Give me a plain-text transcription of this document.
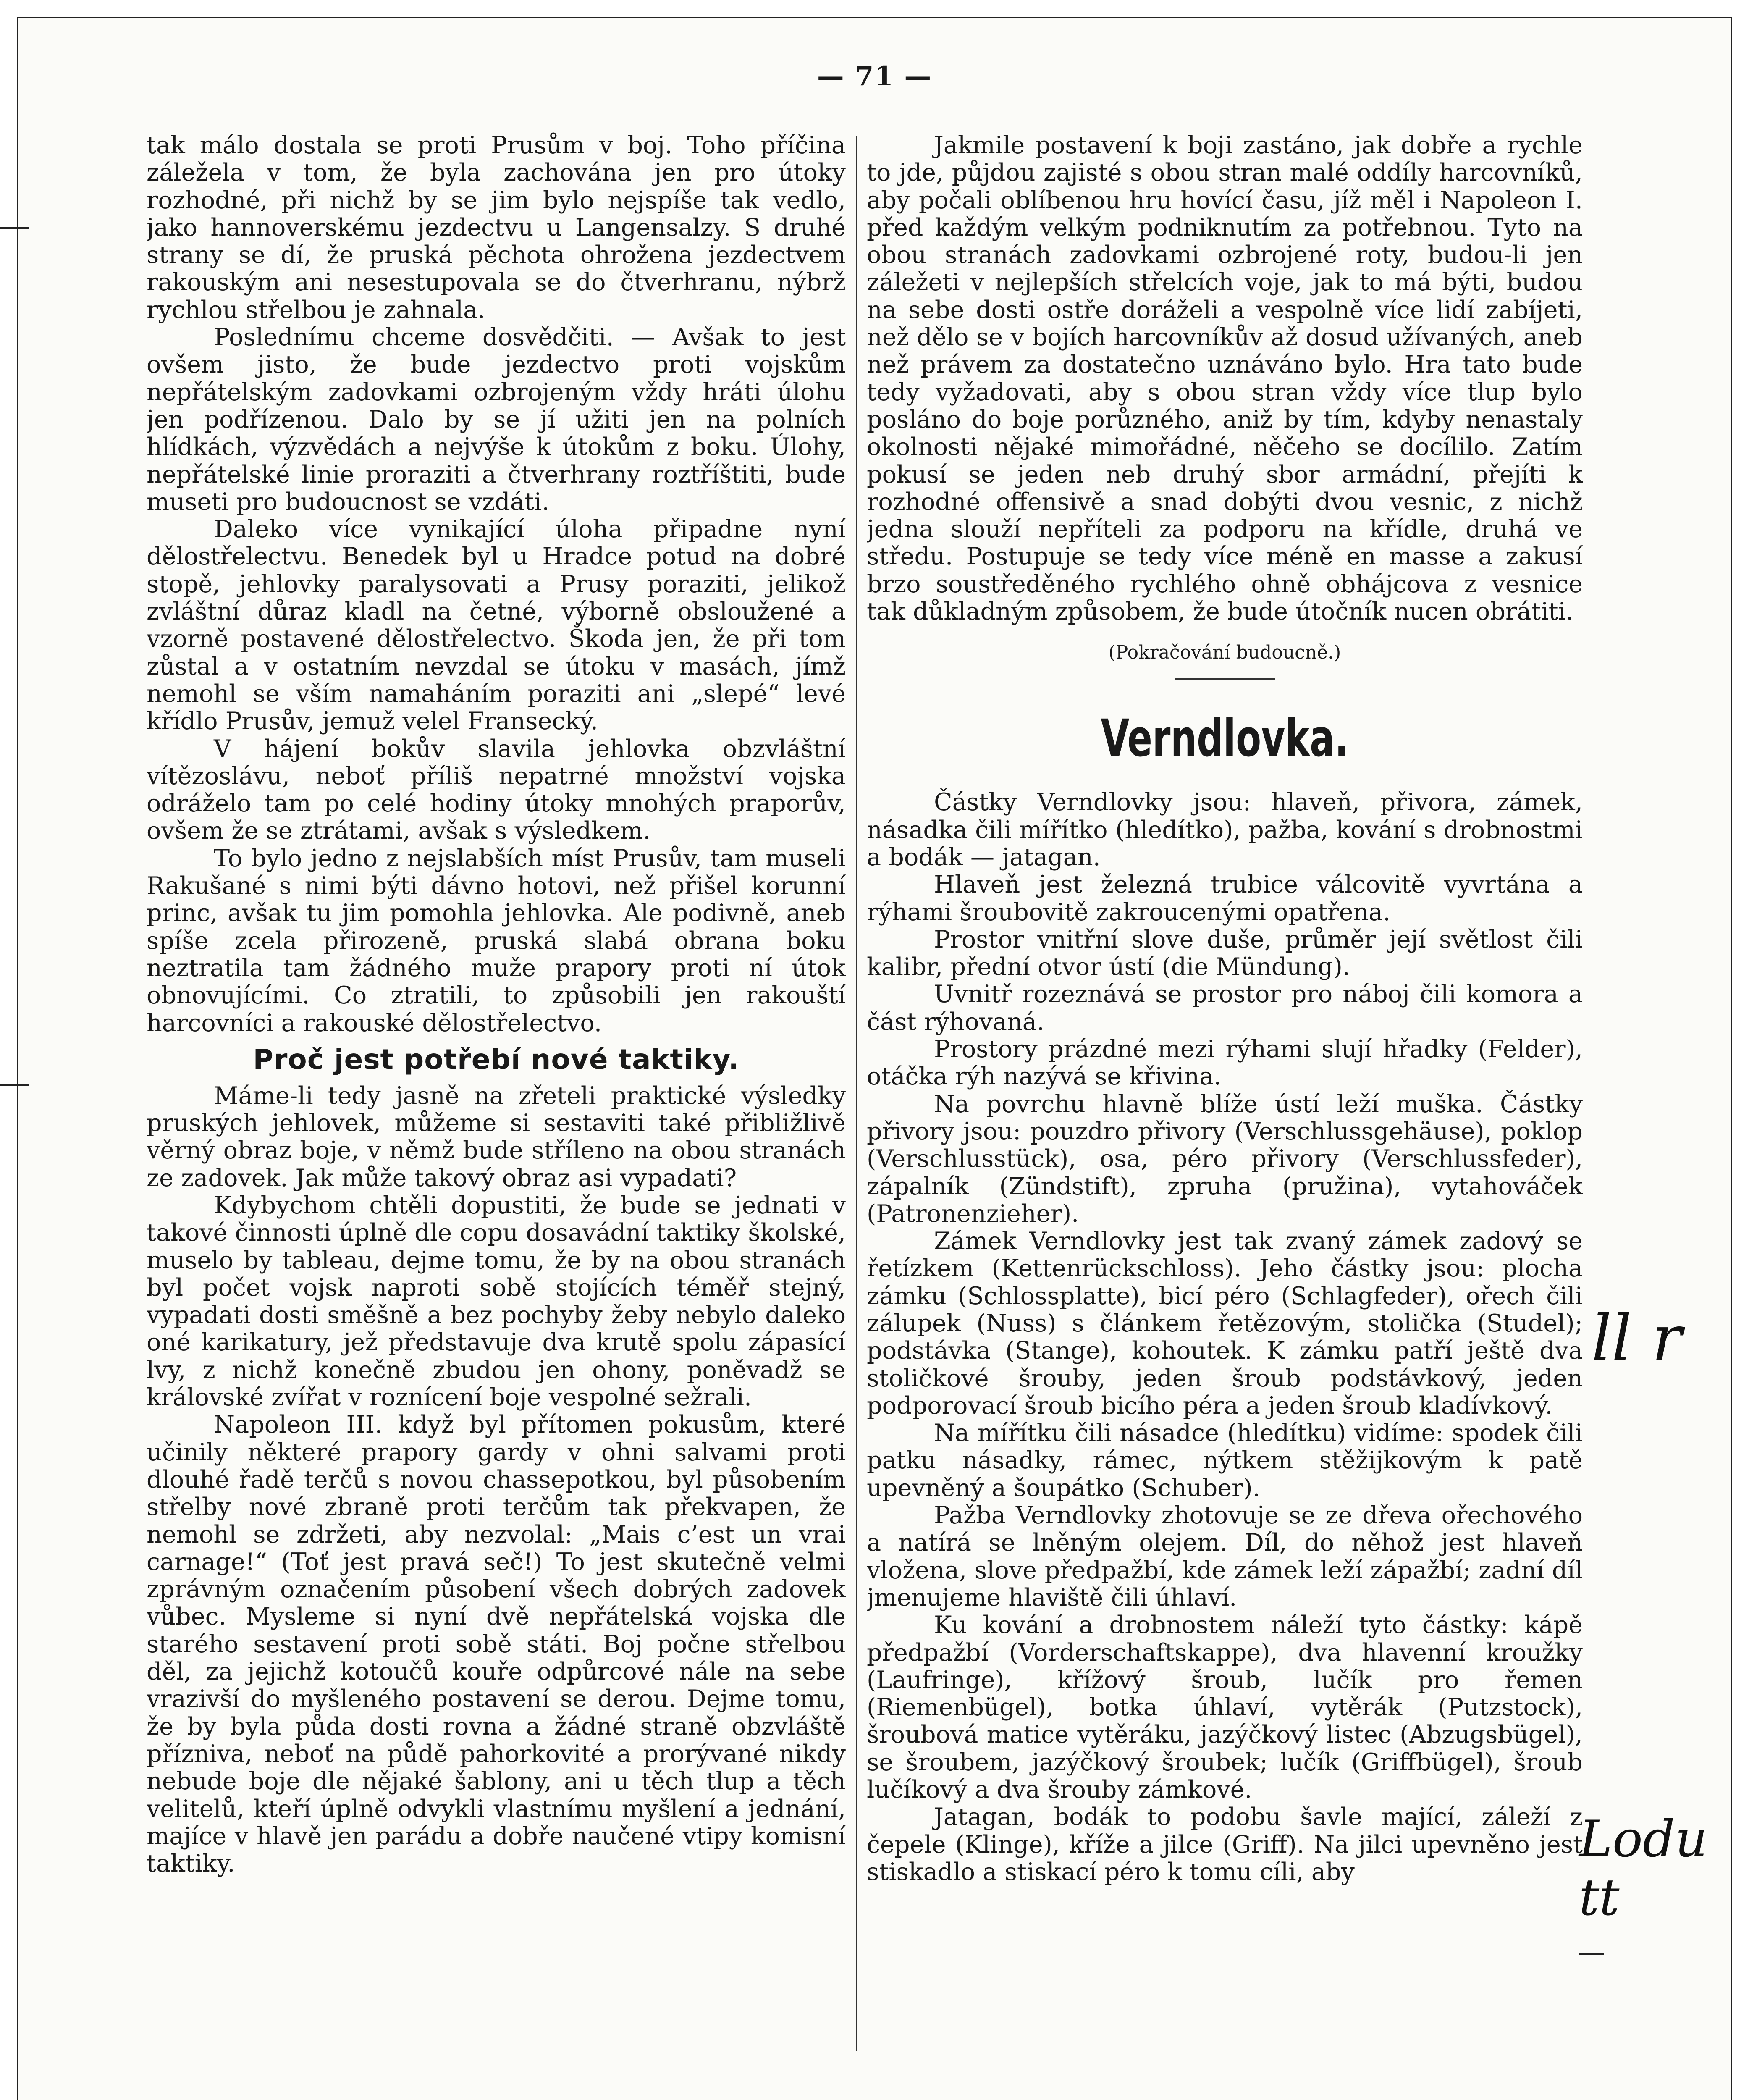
— 71 —

tak málo dostala se proti Prusům v boj. Toho příčina záležela v tom, že byla zachována jen pro útoky rozhodné, při nichž by se jim bylo nejspíše tak vedlo, jako hannoverskému jezdectvu u Langensalzy. S druhé strany se dí, že pruská pěchota ohrožena jezdectvem rakouským ani nesestupovala se do čtverhranu, nýbrž rychlou střelbou je zahnala.

Poslednímu chceme dosvědčiti. — Avšak to jest ovšem jisto, že bude jezdectvo proti vojskům nepřátelským zadovkami ozbrojeným vždy hráti úlohu jen podřízenou. Dalo by se jí užiti jen na polních hlídkách, výzvědách a nejvýše k útokům z boku. Úlohy, nepřátelské linie proraziti a čtverhrany roztříštiti, bude museti pro budoucnost se vzdáti.

Daleko více vynikající úloha připadne nyní dělostřelectvu. Benedek byl u Hradce potud na dobré stopě, jehlovky paralysovati a Prusy poraziti, jelikož zvláštní důraz kladl na četné, výborně obsloužené a vzorně postavené dělostřelectvo. Škoda jen, že při tom zůstal a v ostatním nevzdal se útoku v masách, jímž nemohl se vším namaháním poraziti ani „slepé“ levé křídlo Prusův, jemuž velel Fransecký.

V hájení bokův slavila jehlovka obzvláštní vítězoslávu, neboť příliš nepatrné množství vojska odráželo tam po celé hodiny útoky mnohých praporův, ovšem že se ztrátami, avšak s výsledkem.

To bylo jedno z nejslabších míst Prusův, tam museli Rakušané s nimi býti dávno hotovi, než přišel korunní princ, avšak tu jim pomohla jehlovka. Ale podivně, aneb spíše zcela přirozeně, pruská slabá obrana boku neztratila tam žádného muže prapory proti ní útok obnovujícími. Co ztratili, to způsobili jen rakouští harcovníci a rakouské dělostřelectvo.

Proč jest potřebí nové taktiky.

Máme-li tedy jasně na zřeteli praktické výsledky pruských jehlovek, můžeme si sestaviti také přibližlivě věrný obraz boje, v němž bude stříleno na obou stranách ze zadovek. Jak může takový obraz asi vypadati?

Kdybychom chtěli dopustiti, že bude se jednati v takové činnosti úplně dle copu dosavádní taktiky školské, muselo by tableau, dejme tomu, že by na obou stranách byl počet vojsk naproti sobě stojících téměř stejný, vypadati dosti směšně a bez pochyby žeby nebylo daleko oné karikatury, jež představuje dva krutě spolu zápasící lvy, z nichž konečně zbudou jen ohony, poněvadž se královské zvířat v roznícení boje vespolné sežrali.

Napoleon III. když byl přítomen pokusům, které učinily některé prapory gardy v ohni salvami proti dlouhé řadě terčů s novou chassepotkou, byl působením střelby nové zbraně proti terčům tak překvapen, že nemohl se zdržeti, aby nezvolal: „Mais c’est un vrai carnage!“ (Toť jest pravá seč!) To jest skutečně velmi zprávným označením působení všech dobrých zadovek vůbec. Mysleme si nyní dvě nepřátelská vojska dle starého sestavení proti sobě státi. Boj počne střelbou děl, za jejichž kotoučů kouře odpůrcové nále na sebe vrazivší do myšleného postavení se derou. Dejme tomu, že by byla půda dosti rovna a žádné straně obzvláště přízniva, neboť na půdě pahorkovité a prorývané nikdy nebude boje dle nějaké šablony, ani u těch tlup a těch velitelů, kteří úplně odvykli vlastnímu myšlení a jednání, majíce v hlavě jen parádu a dobře naučené vtipy komisní taktiky.

Jakmile postavení k boji zastáno, jak dobře a rychle to jde, půjdou zajisté s obou stran malé oddíly harcovníků, aby počali oblíbenou hru hovící času, jíž měl i Napoleon I. před každým velkým podniknutím za potřebnou. Tyto na obou stranách zadovkami ozbrojené roty, budou-li jen záležeti v nejlepších střelcích voje, jak to má býti, budou na sebe dosti ostře doráželi a vespolně více lidí zabíjeti, než dělo se v bojích harcovníkův až dosud užívaných, aneb než právem za dostatečno uznáváno bylo. Hra tato bude tedy vyžadovati, aby s obou stran vždy více tlup bylo posláno do boje porůzného, aniž by tím, kdyby nenastaly okolnosti nějaké mimořádné, něčeho se docílilo. Zatím pokusí se jeden neb druhý sbor armádní, přejíti k rozhodné offensivě a snad dobýti dvou vesnic, z nichž jedna slouží nepříteli za podporu na křídle, druhá ve středu. Postupuje se tedy více méně en masse a zakusí brzo soustředěného rychlého ohně obhájcova z vesnice tak důkladným způsobem, že bude útočník nucen obrátiti.

(Pokračování budoucně.)
Verndlovka.

Částky Verndlovky jsou: hlaveň, přivora, zámek, násadka čili mířítko (hledítko), pažba, kování s drobnostmi a bodák — jatagan.

Hlaveň jest železná trubice válcovitě vyvrtána a rýhami šroubovitě zakroucenými opatřena.

Prostor vnitřní slove duše, průměr její světlost čili kalibr, přední otvor ústí (die Mündung).

Uvnitř rozeznává se prostor pro náboj čili komora a část rýhovaná.

Prostory prázdné mezi rýhami slují hřadky (Felder), otáčka rýh nazývá se křivina.

Na povrchu hlavně blíže ústí leží muška. Částky přivory jsou: pouzdro přivory (Verschlussgehäuse), poklop (Verschlusstück), osa, péro přivory (Verschlussfeder), zápalník (Zündstift), zpruha (pružina), vytahováček (Patronenzieher).

Zámek Verndlovky jest tak zvaný zámek zadový se řetízkem (Kettenrückschloss). Jeho částky jsou: plocha zámku (Schlossplatte), bicí péro (Schlagfeder), ořech čili zálupek (Nuss) s článkem řetězovým, stolička (Studel); podstávka (Stange), kohoutek. K zámku patří ještě dva stoličkové šrouby, jeden šroub podstávkový, jeden podporovací šroub bicího péra a jeden šroub kladívkový.

Na mířítku čili násadce (hledítku) vidíme: spodek čili patku násadky, rámec, nýtkem stěžijkovým k patě upevněný a šoupátko (Schuber).

Pažba Verndlovky zhotovuje se ze dřeva ořechového a natírá se lněným olejem. Díl, do něhož jest hlaveň vložena, slove předpažbí, kde zámek leží zápažbí; zadní díl jmenujeme hlaviště čili úhlaví.

Ku kování a drobnostem náleží tyto částky: kápě předpažbí (Vorderschaftskappe), dva hlavenní kroužky (Laufringe), křížový šroub, lučík pro řemen (Riemenbügel), botka úhlaví, vytěrák (Putzstock), šroubová matice vytěráku, jazýčkový listec (Abzugsbügel), se šroubem, jazýčkový šroubek; lučík (Griffbügel), šroub lučíkový a dva šrouby zámkové.

Jatagan, bodák to podobu šavle mající, záleží z čepele (Klinge), kříže a jilce (Griff). Na jilci upevněno jest stiskadlo a stiskací péro k tomu cíli, aby

ll r
Lodu tt
